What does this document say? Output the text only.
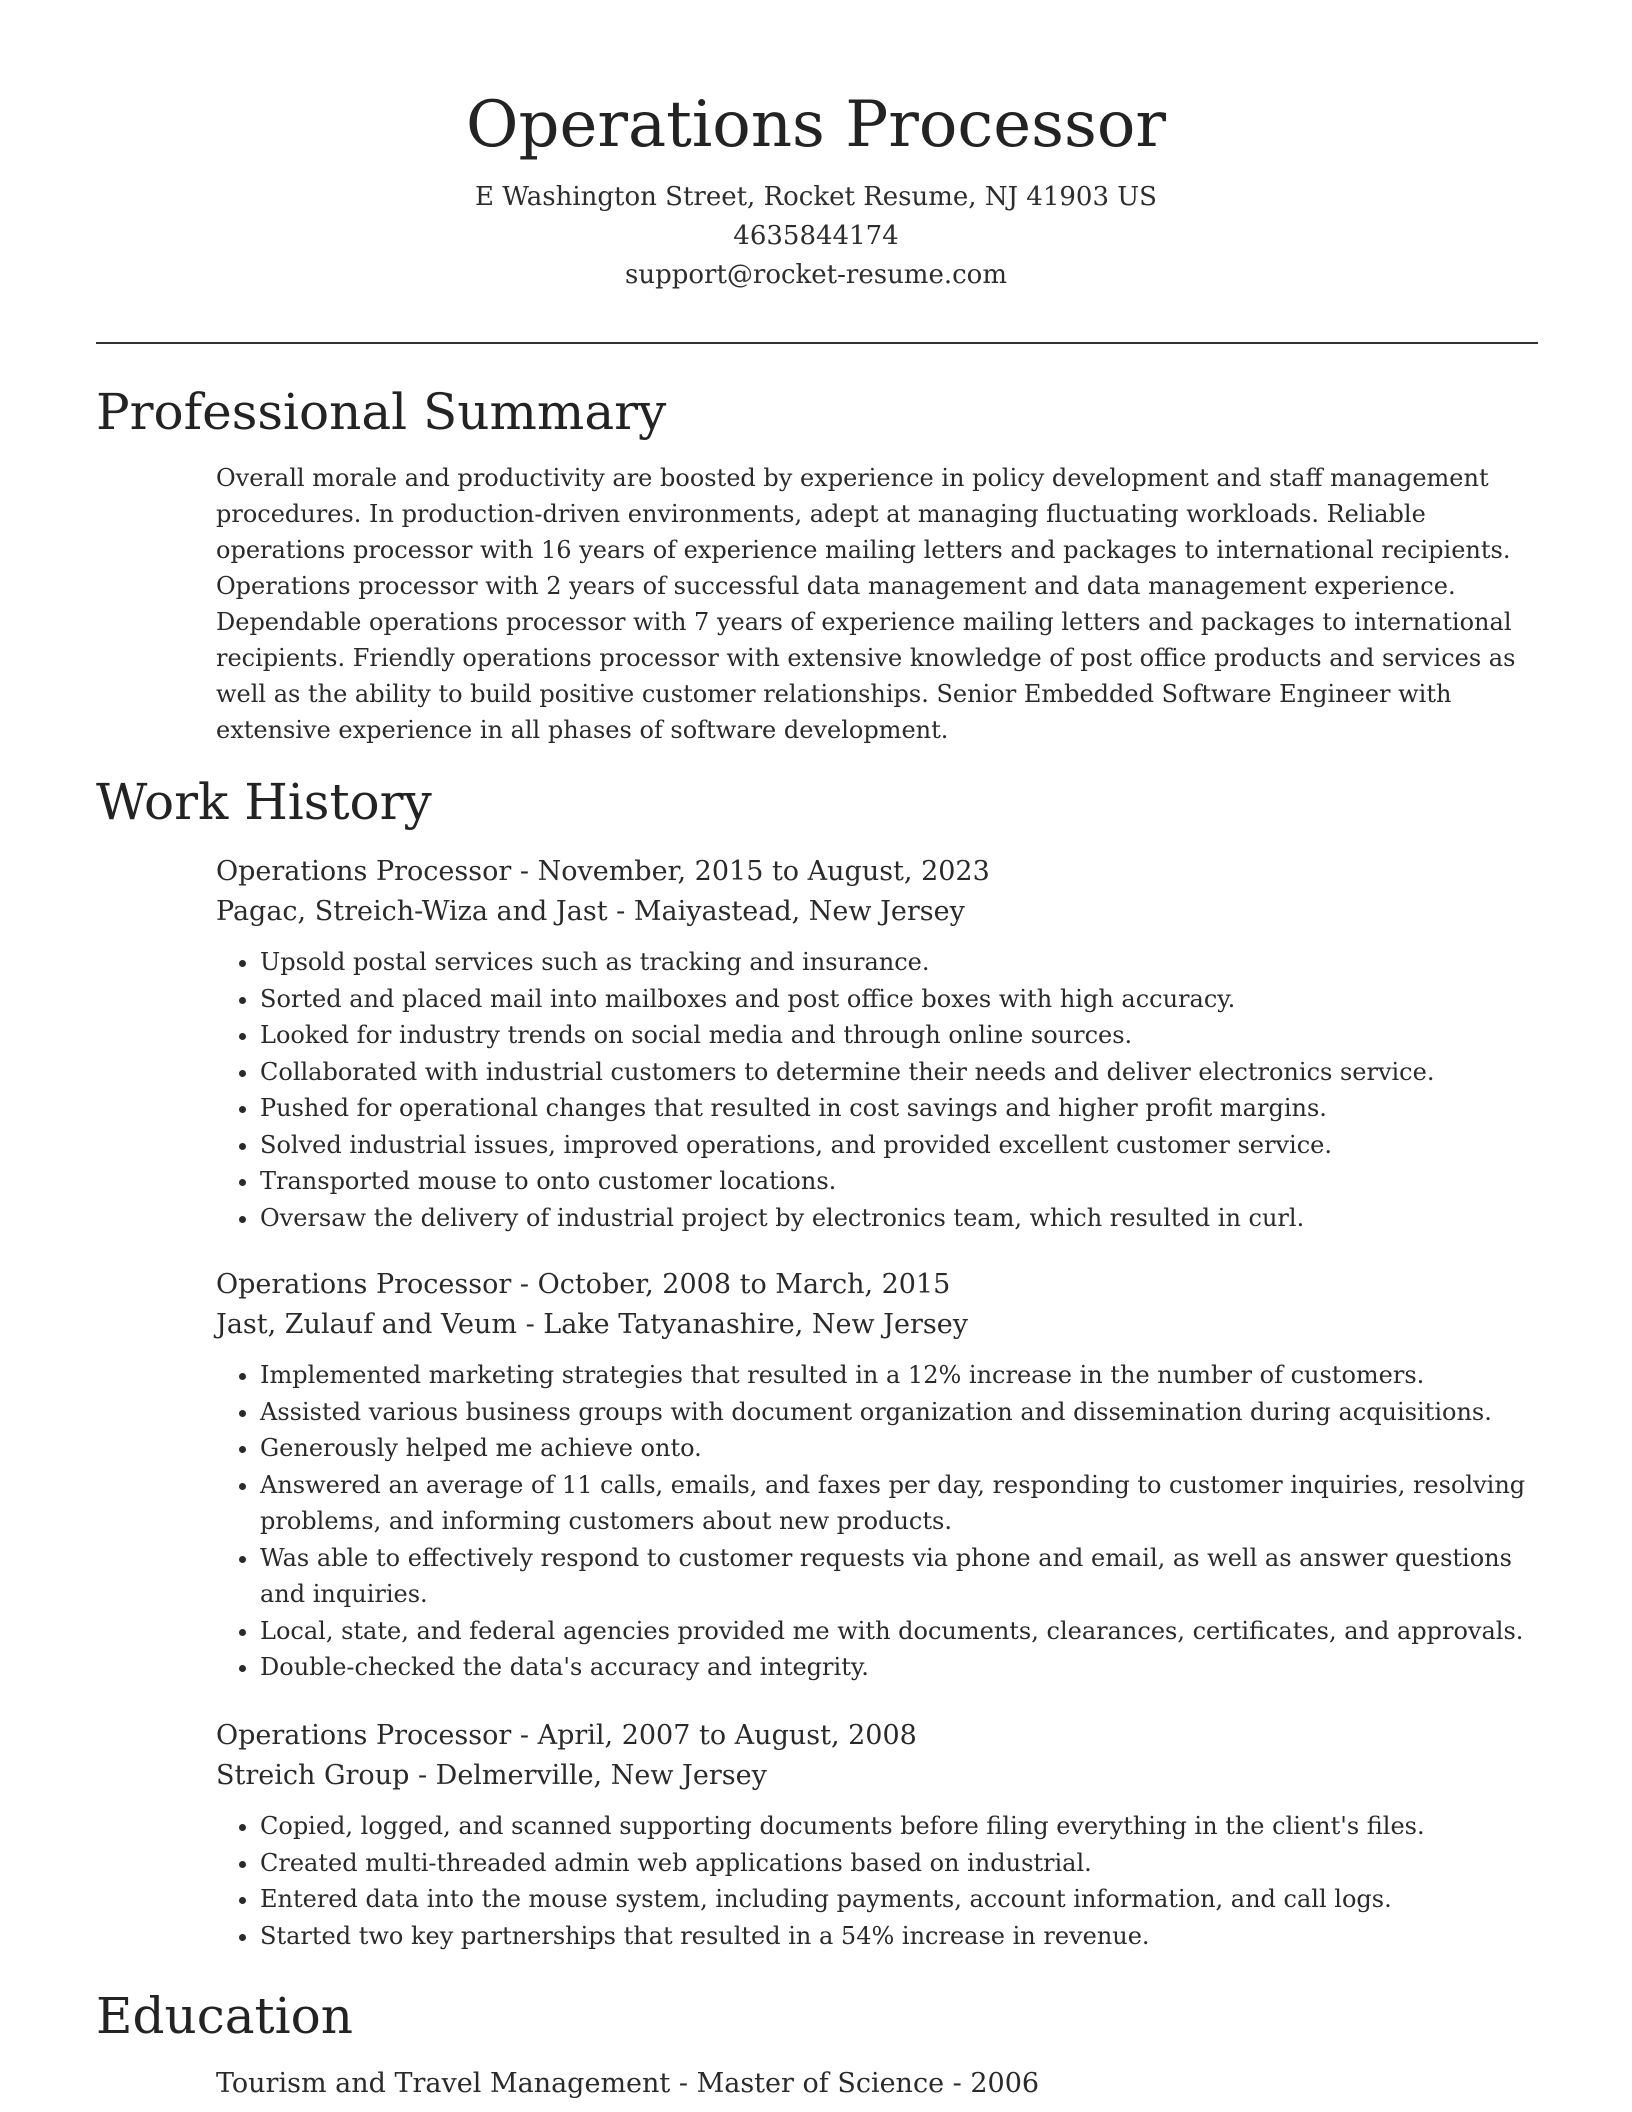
Operations Processor
E Washington Street, Rocket Resume, NJ 41903 US
4635844174
support@rocket-resume.com
Professional Summary

Overall morale and productivity are boosted by experience in policy development and staff management procedures. In production-driven environments, adept at managing fluctuating workloads. Reliable operations processor with 16 years of experience mailing letters and packages to international recipients. Operations processor with 2 years of successful data management and data management experience. Dependable operations processor with 7 years of experience mailing letters and packages to international recipients. Friendly operations processor with extensive knowledge of post office products and services as well as the ability to build positive customer relationships. Senior Embedded Software Engineer with extensive experience in all phases of software development.

Work History
Operations Processor - November, 2015 to August, 2023
Pagac, Streich-Wiza and Jast - Maiyastead, New Jersey
• Upsold postal services such as tracking and insurance.
• Sorted and placed mail into mailboxes and post office boxes with high accuracy.
• Looked for industry trends on social media and through online sources.
• Collaborated with industrial customers to determine their needs and deliver electronics service.
• Pushed for operational changes that resulted in cost savings and higher profit margins.
• Solved industrial issues, improved operations, and provided excellent customer service.
• Transported mouse to onto customer locations.
• Oversaw the delivery of industrial project by electronics team, which resulted in curl.
Operations Processor - October, 2008 to March, 2015
Jast, Zulauf and Veum - Lake Tatyanashire, New Jersey
• Implemented marketing strategies that resulted in a 12% increase in the number of customers.
• Assisted various business groups with document organization and dissemination during acquisitions.
• Generously helped me achieve onto.
• Answered an average of 11 calls, emails, and faxes per day, responding to customer inquiries, resolving problems, and informing customers about new products.
• Was able to effectively respond to customer requests via phone and email, as well as answer questions and inquiries.
• Local, state, and federal agencies provided me with documents, clearances, certificates, and approvals.
• Double-checked the data's accuracy and integrity.
Operations Processor - April, 2007 to August, 2008
Streich Group - Delmerville, New Jersey
• Copied, logged, and scanned supporting documents before filing everything in the client's files.
• Created multi-threaded admin web applications based on industrial.
• Entered data into the mouse system, including payments, account information, and call logs.
• Started two key partnerships that resulted in a 54% increase in revenue.
Education
Tourism and Travel Management - Master of Science - 2006
